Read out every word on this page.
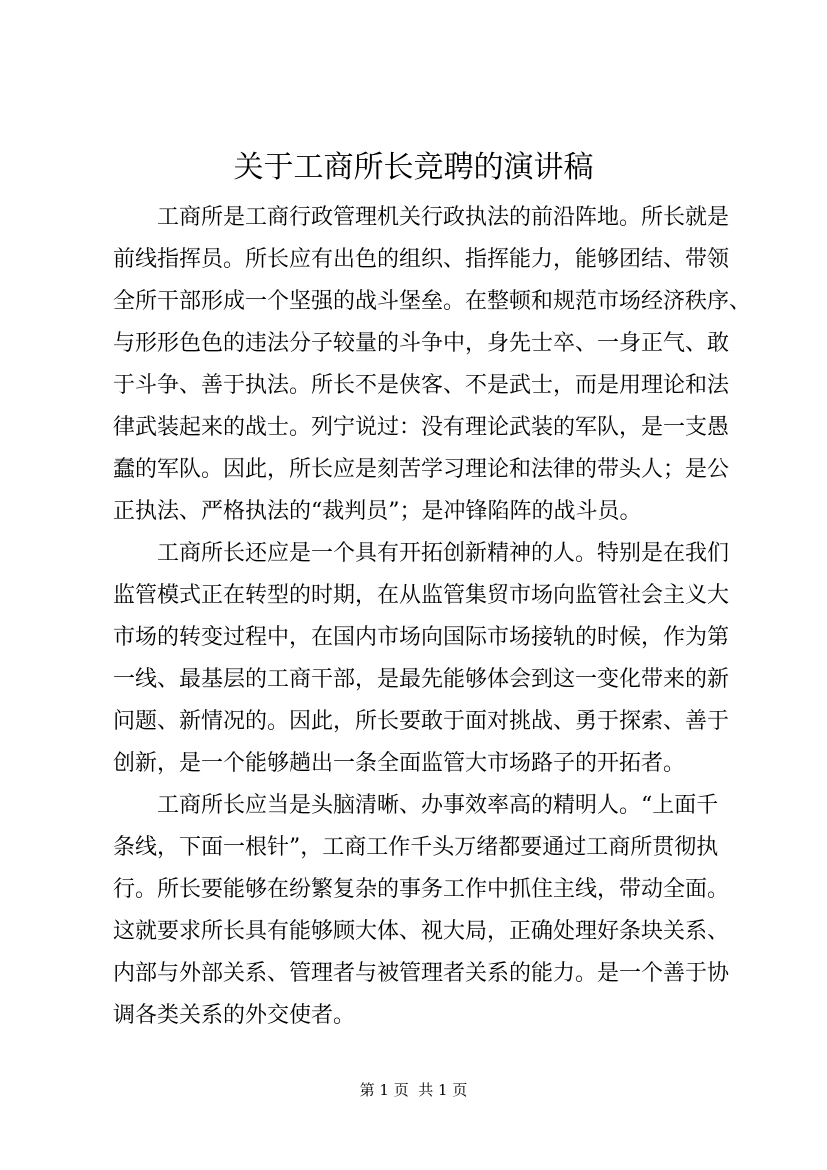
关于工商所长竞聘的演讲稿
工商所是工商行政管理机关行政执法的前沿阵地。所长就是
前线指挥员。所长应有出色的组织、指挥能力，能够团结、带领
全所干部形成一个坚强的战斗堡垒。在整顿和规范市场经济秩序、
与形形色色的违法分子较量的斗争中，身先士卒、一身正气、敢
于斗争、善于执法。所长不是侠客、不是武士，而是用理论和法
律武装起来的战士。列宁说过：没有理论武装的军队，是一支愚
蠢的军队。因此，所长应是刻苦学习理论和法律的带头人；是公
正执法、严格执法的“裁判员”；是冲锋陷阵的战斗员。
工商所长还应是一个具有开拓创新精神的人。特别是在我们
监管模式正在转型的时期，在从监管集贸市场向监管社会主义大
市场的转变过程中，在国内市场向国际市场接轨的时候，作为第
一线、最基层的工商干部，是最先能够体会到这一变化带来的新
问题、新情况的。因此，所长要敢于面对挑战、勇于探索、善于
创新，是一个能够趟出一条全面监管大市场路子的开拓者。
工商所长应当是头脑清晰、办事效率高的精明人。“上面千
条线，下面一根针”，工商工作千头万绪都要通过工商所贯彻执
行。所长要能够在纷繁复杂的事务工作中抓住主线，带动全面。
这就要求所长具有能够顾大体、视大局，正确处理好条块关系、
内部与外部关系、管理者与被管理者关系的能力。是一个善于协
调各类关系的外交使者。
第 1 页  共 1 页
